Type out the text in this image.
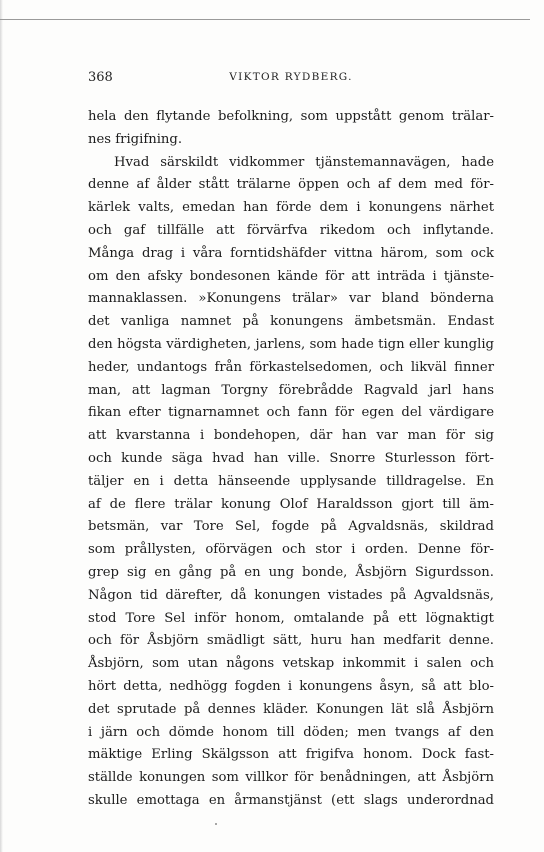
368	VIKTOR RYDBERG.
hela den flytande befolkning, som uppstått genom trälar-
nes frigifning.
Hvad särskildt vidkommer tjänstemannavägen, hade
denne af ålder stått trälarne öppen och af dem med för-
kärlek valts, emedan han förde dem i konungens närhet
och gaf tillfälle att förvärfva rikedom och inflytande.
Många drag i våra forntidshäfder vittna härom, som ock
om den afsky bondesonen kände för att inträda i tjänste-
mannaklassen. »Konungens trälar» var bland bönderna
det vanliga namnet på konungens ämbetsmän. Endast
den högsta värdigheten, jarlens, som hade tign eller kunglig
heder, undantogs från förkastelsedomen, och likväl finner
man, att lagman Torgny förebrådde Ragvald jarl hans
fikan efter tignarnamnet och fann för egen del värdigare
att kvarstanna i bondehopen, där han var man för sig
och kunde säga hvad han ville. Snorre Sturlesson fört-
täljer en i detta hänseende upplysande tilldragelse. En
af de flere trälar konung Olof Haraldsson gjort till äm-
betsmän, var Tore Sel, fogde på Agvaldsnäs, skildrad
som prållysten, oförvägen och stor i orden. Denne för-
grep sig en gång på en ung bonde, Åsbjörn Sigurdsson.
Någon tid därefter, då konungen vistades på Agvaldsnäs,
stod Tore Sel inför honom, omtalande på ett lögnaktigt
och för Åsbjörn smädligt sätt, huru han medfarit denne.
Åsbjörn, som utan någons vetskap inkommit i salen och
hört detta, nedhögg fogden i konungens åsyn, så att blo-
det sprutade på dennes kläder. Konungen lät slå Åsbjörn
i järn och dömde honom till döden; men tvangs af den
mäktige Erling Skälgsson att frigifva honom. Dock fast-
ställde konungen som villkor för benådningen, att Åsbjörn
skulle emottaga en årmanstjänst (ett slags underordnad
